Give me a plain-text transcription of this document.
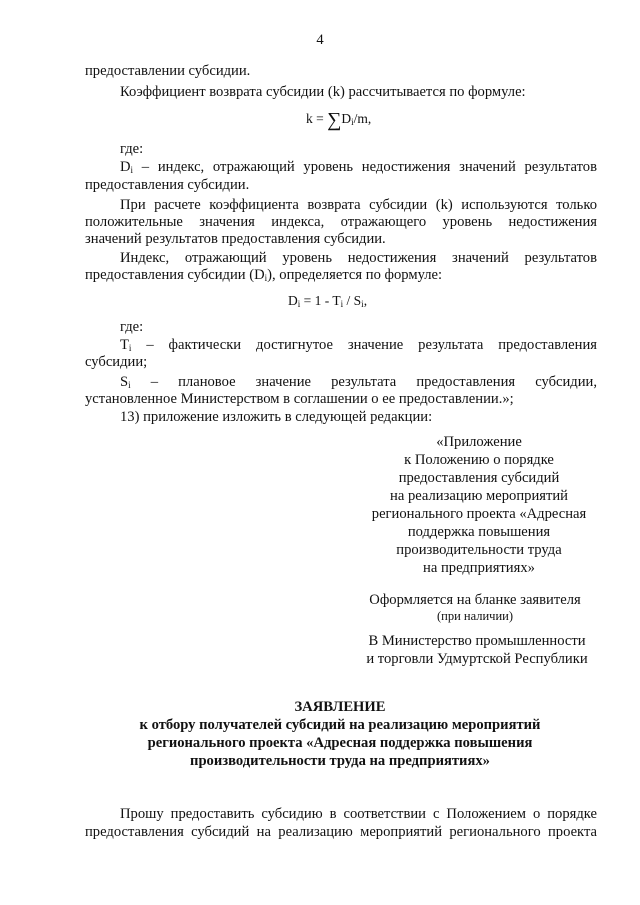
4
предоставлении субсидии.
Коэффициент возврата субсидии (k) рассчитывается по формуле:
$k = \sum D_i/m$,
где:
$D_i$ – индекс, отражающий уровень недостижения значений результатов
предоставления субсидии.
При расчете коэффициента возврата субсидии (k) используются только
положительные значения индекса, отражающего уровень недостижения
значений результатов предоставления субсидии.
Индекс, отражающий уровень недостижения значений результатов
предоставления субсидии $(D_i)$, определяется по формуле:
$D_i = 1 - T_i / S_i$,
где:
$T_i$ – фактически достигнутое значение результата предоставления
субсидии;
$S_i$ – плановое значение результата предоставления субсидии,
установленное Министерством в соглашении о ее предоставлении.»;
13) приложение изложить в следующей редакции:
«Приложение
к Положению о порядке
предоставления субсидий
на реализацию мероприятий
регионального проекта «Адресная
поддержка повышения
производительности труда
на предприятиях»
Оформляется на бланке заявителя
(при наличии)
В Министерство промышленности
и торговли Удмуртской Республики
ЗАЯВЛЕНИЕ
к отбору получателей субсидий на реализацию мероприятий
регионального проекта «Адресная поддержка повышения
производительности труда на предприятиях»
Прошу предоставить субсидию в соответствии с Положением о порядке
предоставления субсидий на реализацию мероприятий регионального проекта
